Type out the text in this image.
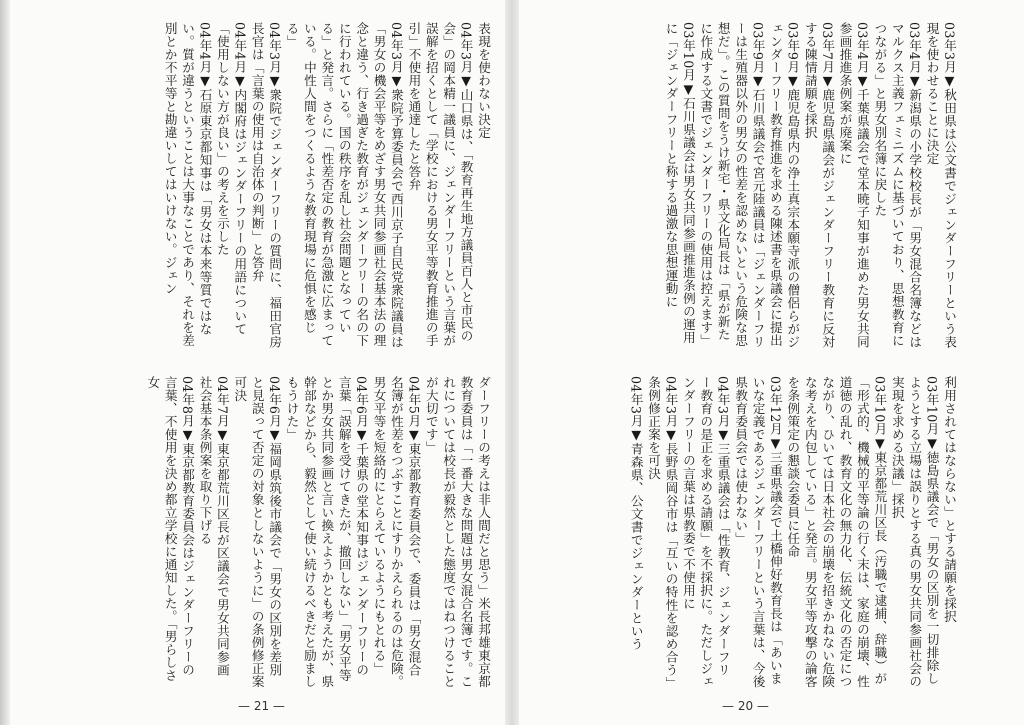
03年3月▼秋田県は公文書でジェンダーフリーという表現を使わせることに決定
03年4月▼新潟県の小学校校長が「男女混合名簿などはマルクス主義フェミニズムに基づいており、思想教育につながる」と男女別名簿に戻した
03年4月▼千葉県議会で堂本暁子知事が進めた男女共同参画推進条例案が廃案に
03年7月▼鹿児島県議会がジェンダーフリー教育に反対する陳情請願を採択
03年9月▼鹿児島県内の浄土真宗本願寺派の僧侶らがジェンダーフリー教育推進を求める陳述書を県議会に提出
03年9月▼石川県議会で宮元陸議員は「ジェンダーフリーは生殖器以外の男女の性差を認めないという危険な思想だ」。この質問をうけ新宅・県文化局長は「県が新たに作成する文書でジェンダーフリーの使用は控えます」
03年10月▼石川県議会は男女共同参画推進条例の運用に「ジェンダーフリーと称する過激な思想運動に
利用されてはならない」とする請願を採択
03年10月▼徳島県議会で「男女の区別を一切排除しようとする立場は誤りとする真の男女共同参画社会の実現を求める決議」採択
03年10月▼東京都荒川区長（汚職で逮捕、辞職）が「形式的、機械的平等論の行く末は、家庭の崩壊、性道徳の乱れ、教育文化の無力化、伝統文化の否定につながり、ひいては日本社会の崩壊を招きかねない危険な考えを内包している」と発言。男女平等攻撃の論客を条例策定の懇談会委員に任命
03年12月▼三重県議会で土橋伸好教育長は「あいまいな定義であるジェンダーフリーという言葉は、今後県教育委員会では使わない」
04年3月▼三重県議会は「性教育、ジェンダーフリー教育の是正を求める請願」を不採択に。ただしジェンダーフリーの言葉は県教委で不使用に
04年3月▼長野県岡谷市は「互いの特性を認め合う」条例修正案を可決
04年3月▼青森県、公文書でジェンダーという
表現を使わない決定
04年3月▼山口県は、「教育再生地方議員百人と市民の会」の岡本精一議員に、ジェンダーフリーという言葉が誤解を招くとして「学校における男女平等教育推進の手引」不使用を通達したと答弁
04年3月▼衆院予算委員会で西川京子自民党衆院議員は「男女の機会平等をめざす男女共同参画社会基本法の理念と違う、行き過ぎた教育がジェンダーフリーの名の下に行われている。国の秩序を乱し社会問題となっている」と発言。さらに「性差否定の教育が急激に広まっている。中性人間をつくるような教育現場に危惧を感じる」
04年3月▼衆院でジェンダーフリーの質問に、福田官房長官は「言葉の使用は自治体の判断」と答弁
04年4月▼内閣府はジェンダーフリーの用語について「使用しない方が良い」の考えを示した
04年4月▼石原東京都知事は「男女は本来等質ではない。質が違うということは大事なことであり、それを差別とか不平等と勘違いしてはいけない。ジェン
ダーフリーの考えは非人間だと思う」米長邦雄東京都教育委員は「一番大きな問題は男女混合名簿です。これについては校長が毅然とした態度ではねつけることが大切です」
04年5月▼東京都教育委員会で、委員は「男女混合名簿が性差をつぶすことにすりかえられるのは危険。男女平等を短絡的にとらえているようにもとれる」
04年6月▼千葉県の堂本知事はジェンダーフリーの言葉「誤解を受けてきたが、撤回しない」「男女平等とか男女共同参画と言い換えようかとも考えたが、県幹部などから、毅然として使い続けるべきだと励ましもうけた」
04年6月▼福岡県筑後市議会で「男女の区別を差別と見誤って否定の対象としないように」の条例修正案可決
04年7月▼東京都荒川区長が区議会で男女共同参画社会基本条例案を取り下げる
04年8月▼東京都教育委員会はジェンダーフリーの言葉、不使用を決め都立学校に通知した。「男らしさ女
— 21 —	— 20 —
